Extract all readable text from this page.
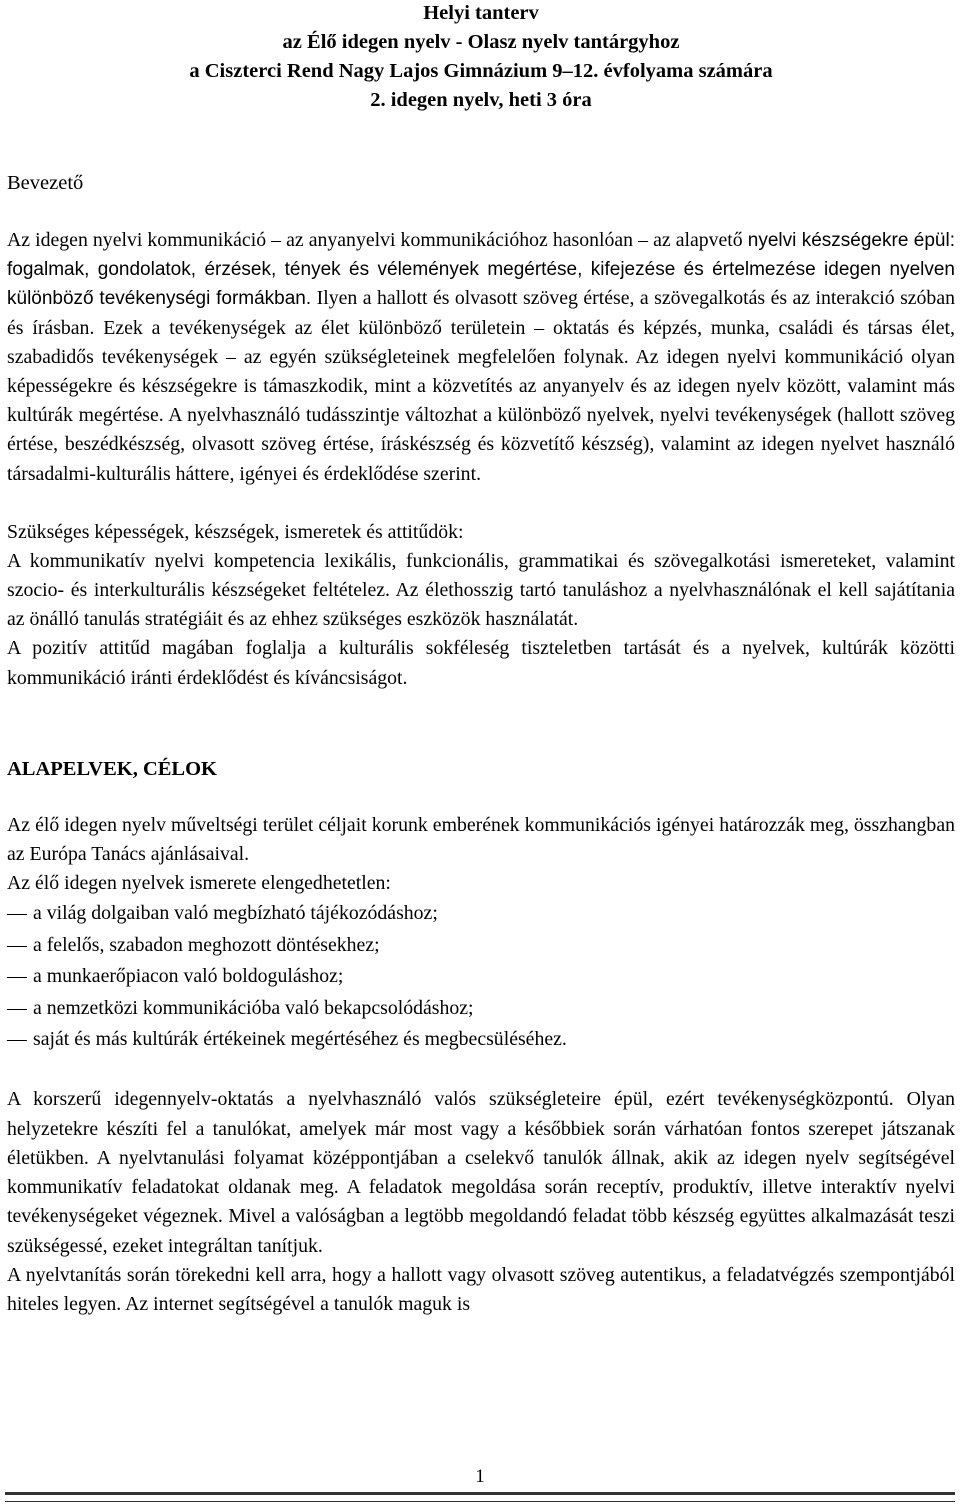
Helyi tanterv
az Élő idegen nyelv - Olasz nyelv tantárgyhoz
a Ciszterci Rend Nagy Lajos Gimnázium 9–12. évfolyama számára
2. idegen nyelv, heti 3 óra
Bevezető

Az idegen nyelvi kommunikáció – az anyanyelvi kommunikációhoz hasonlóan – az alapvető nyelvi készségekre épül: fogalmak, gondolatok, érzések, tények és vélemények megértése, kifejezése és értelmezése idegen nyelven különböző tevékenységi formákban. Ilyen a hallott és olvasott szöveg értése, a szövegalkotás és az interakció szóban és írásban. Ezek a tevékenységek az élet különböző területein – oktatás és képzés, munka, családi és társas élet, szabadidős tevékenységek – az egyén szükségleteinek megfelelően folynak. Az idegen nyelvi kommunikáció olyan képességekre és készségekre is támaszkodik, mint a közvetítés az anyanyelv és az idegen nyelv között, valamint más kultúrák megértése. A nyelvhasználó tudásszintje változhat a különböző nyelvek, nyelvi tevékenységek (hallott szöveg értése, beszédkészség, olvasott szöveg értése, íráskészség és közvetítő készség), valamint az idegen nyelvet használó társadalmi-kulturális háttere, igényei és érdeklődése szerint.

Szükséges képességek, készségek, ismeretek és attitűdök:

A kommunikatív nyelvi kompetencia lexikális, funkcionális, grammatikai és szövegalkotási ismereteket, valamint szocio- és interkulturális készségeket feltételez. Az élethosszig tartó tanuláshoz a nyelvhasználónak el kell sajátítania az önálló tanulás stratégiáit és az ehhez szükséges eszközök használatát.

A pozitív attitűd magában foglalja a kulturális sokféleség tiszteletben tartását és a nyelvek, kultúrák közötti kommunikáció iránti érdeklődést és kíváncsiságot.

ALAPELVEK, CÉLOK

Az élő idegen nyelv műveltségi terület céljait korunk emberének kommunikációs igényei határozzák meg, összhangban az Európa Tanács ajánlásaival.

Az élő idegen nyelvek ismerete elengedhetetlen:

— a világ dolgaiban való megbízható tájékozódáshoz;
— a felelős, szabadon meghozott döntésekhez;
— a munkaerőpiacon való boldoguláshoz;
— a nemzetközi kommunikációba való bekapcsolódáshoz;
— saját és más kultúrák értékeinek megértéséhez és megbecsüléséhez.

A korszerű idegennyelv-oktatás a nyelvhasználó valós szükségleteire épül, ezért tevékenységközpontú. Olyan helyzetekre készíti fel a tanulókat, amelyek már most vagy a későbbiek során várhatóan fontos szerepet játszanak életükben. A nyelvtanulási folyamat középpontjában a cselekvő tanulók állnak, akik az idegen nyelv segítségével kommunikatív feladatokat oldanak meg. A feladatok megoldása során receptív, produktív, illetve interaktív nyelvi tevékenységeket végeznek. Mivel a valóságban a legtöbb megoldandó feladat több készség együttes alkalmazását teszi szükségessé, ezeket integráltan tanítjuk.

A nyelvtanítás során törekedni kell arra, hogy a hallott vagy olvasott szöveg autentikus, a feladatvégzés szempontjából hiteles legyen. Az internet segítségével a tanulók maguk is

1
